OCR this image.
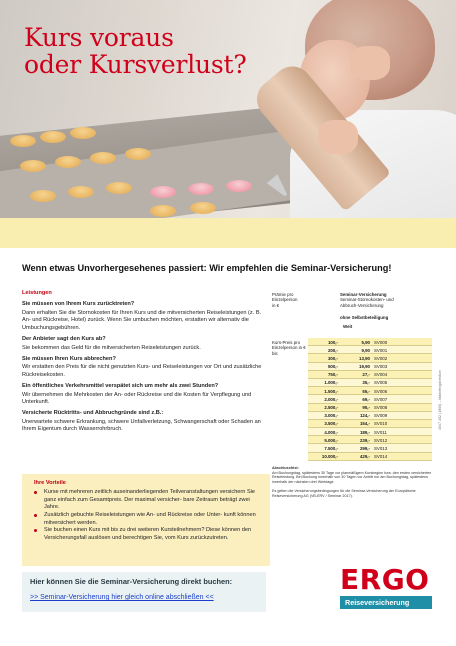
Kurs voraus
oder Kursverlust?
Wenn etwas Unvorhergesehenes passiert: Wir empfehlen die Seminar-Versicherung!
Leistungen
Sie müssen von Ihrem Kurs zurücktreten?
Dann erhalten Sie die Stornokosten für Ihren Kurs und die mitversicherten Reiseleistungen (z. B. An- und Rückreise, Hotel) zurück. Wenn Sie umbuchen möchten, erstatten wir alternativ die Umbuchungsgebühren.
Der Anbieter sagt den Kurs ab?
Sie bekommen das Geld für die mitversicherten Reiseleistungen zurück.
Sie müssen Ihren Kurs abbrechen?
Wir erstatten den Preis für die nicht genutzten Kurs- und Reiseleistungen vor Ort und zusätzliche Rückreisekosten.
Ein öffentliches Verkehrsmittel verspätet sich um mehr als zwei Stunden?
Wir übernehmen die Mehrkosten der An- oder Rückreise und die Kosten für Verpflegung und Unterkunft.
Versicherte Rücktritts- und Abbruchgründe sind z.B.:
Unerwartete schwere Erkrankung, schwere Unfallverletzung, Schwangerschaft oder Schaden an Ihrem Eigentum durch Wasserrohrbruch.
Prämie pro
Einzelperson
in €
Seminar-Versicherung
Seminar-Stornokosten- und
Abbruch-Versicherung
ohne Selbstbeteiligung
Weit
Kurs-Preis pro Einzelperson in € bis
100,-	5,90 SV000
200,-	9,90 SV001
300,-	13,90 SV002
500,-	19,90 SV003
750,-	27,- SV004
1.000,-	35,- SV005
1.500,-	55,- SV006
2.000,-	69,- SV007
2.500,-	95,- SV008
3.000,-	124,- SV009
3.500,-	154,- SV010
4.000,-	189,- SV011
5.000,-	239,- SV012
7.500,-	299,- SV013
10.000,-	429,- SV014
Abschlussfrist:
Am Buchungstag, spätestens 30 Tage vor planmäßigem Kursbeginn bzw. den ersten versicherten Reiseleistung. Bei Buchung innerhalb von 30 Tagen vor Antritt nur am Buchungstag, spätestens innerhalb der nächsten drei Werktage.
Es gelten die Versicherungsbedingungen für die Seminar-Versicherung der Europäische Reiseversicherung AG (VB-ERV / Seminar 2017).
4047.452 (1905) – Marketingdirektion
Ihre Vorteile
Kurse mit mehreren zeitlich auseinanderliegenden Teilveranstaltungen versichern Sie ganz einfach zum Gesamtpreis. Der maximal versicher- bare Zeitraum beträgt zwei Jahre.
Zusätzlich gebuchte Reiseleistungen wie An- und Rückreise oder Unter- kunft können mitversichert werden.
Sie buchen einen Kurs mit bis zu drei weiteren Kursteilnehmern? Diese können den Versicherungsfall auslösen und berechtigen Sie, vom Kurs zurückzutreten.
Hier können Sie die Seminar-Versicherung direkt buchen:
>> Seminar-Versicherung hier gleich online abschließen <<
ERGO
Reiseversicherung
